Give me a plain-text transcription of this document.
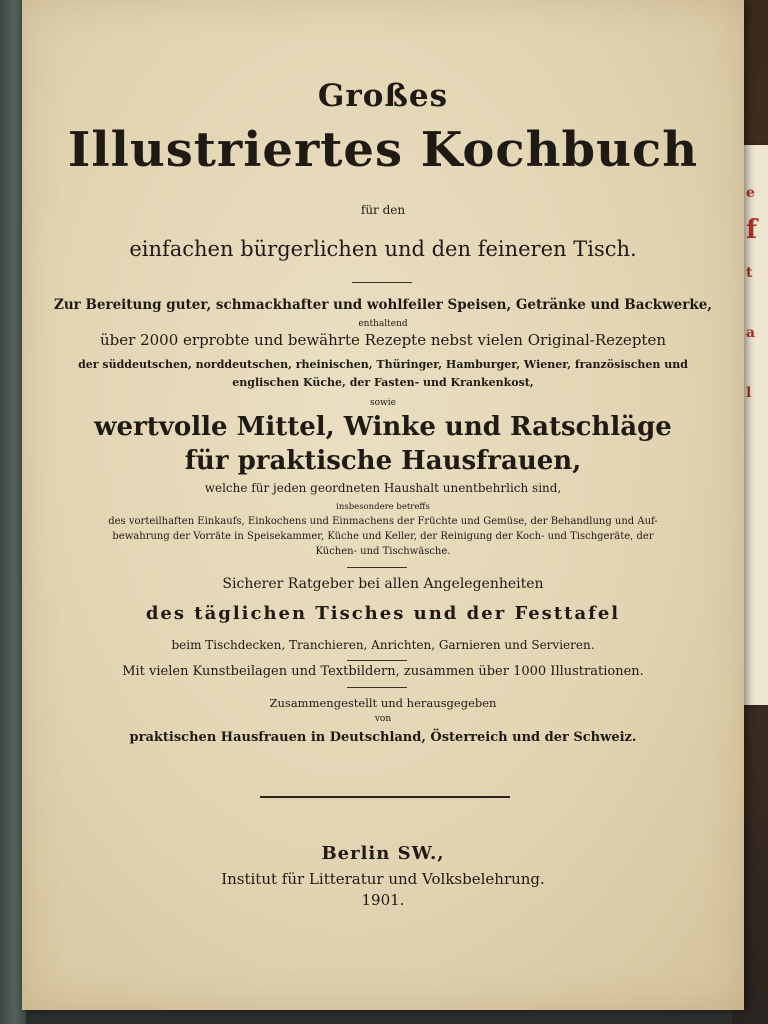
e
f
t
a
l
Großes
Illustriertes Kochbuch
für den
einfachen bürgerlichen und den feineren Tisch.
Zur Bereitung guter, schmackhafter und wohlfeiler Speisen, Getränke und Backwerke,
enthaltend
über 2000 erprobte und bewährte Rezepte nebst vielen Original-Rezepten
der süddeutschen, norddeutschen, rheinischen, Thüringer, Hamburger, Wiener, französischen und
englischen Küche, der Fasten- und Krankenkost,
sowie
wertvolle Mittel, Winke und Ratschläge
für praktische Hausfrauen,
welche für jeden geordneten Haushalt unentbehrlich sind,
insbesondere betreffs
des vorteilhaften Einkaufs, Einkochens und Einmachens der Früchte und Gemüse, der Behandlung und Auf-
bewahrung der Vorräte in Speisekammer, Küche und Keller, der Reinigung der Koch- und Tischgeräte, der
Küchen- und Tischwäsche.
Sicherer Ratgeber bei allen Angelegenheiten
des täglichen Tisches und der Festtafel
beim Tischdecken, Tranchieren, Anrichten, Garnieren und Servieren.
Mit vielen Kunstbeilagen und Textbildern, zusammen über 1000 Illustrationen.
Zusammengestellt und herausgegeben
von
praktischen Hausfrauen in Deutschland, Österreich und der Schweiz.
Berlin SW.,
Institut für Litteratur und Volksbelehrung.
1901.
